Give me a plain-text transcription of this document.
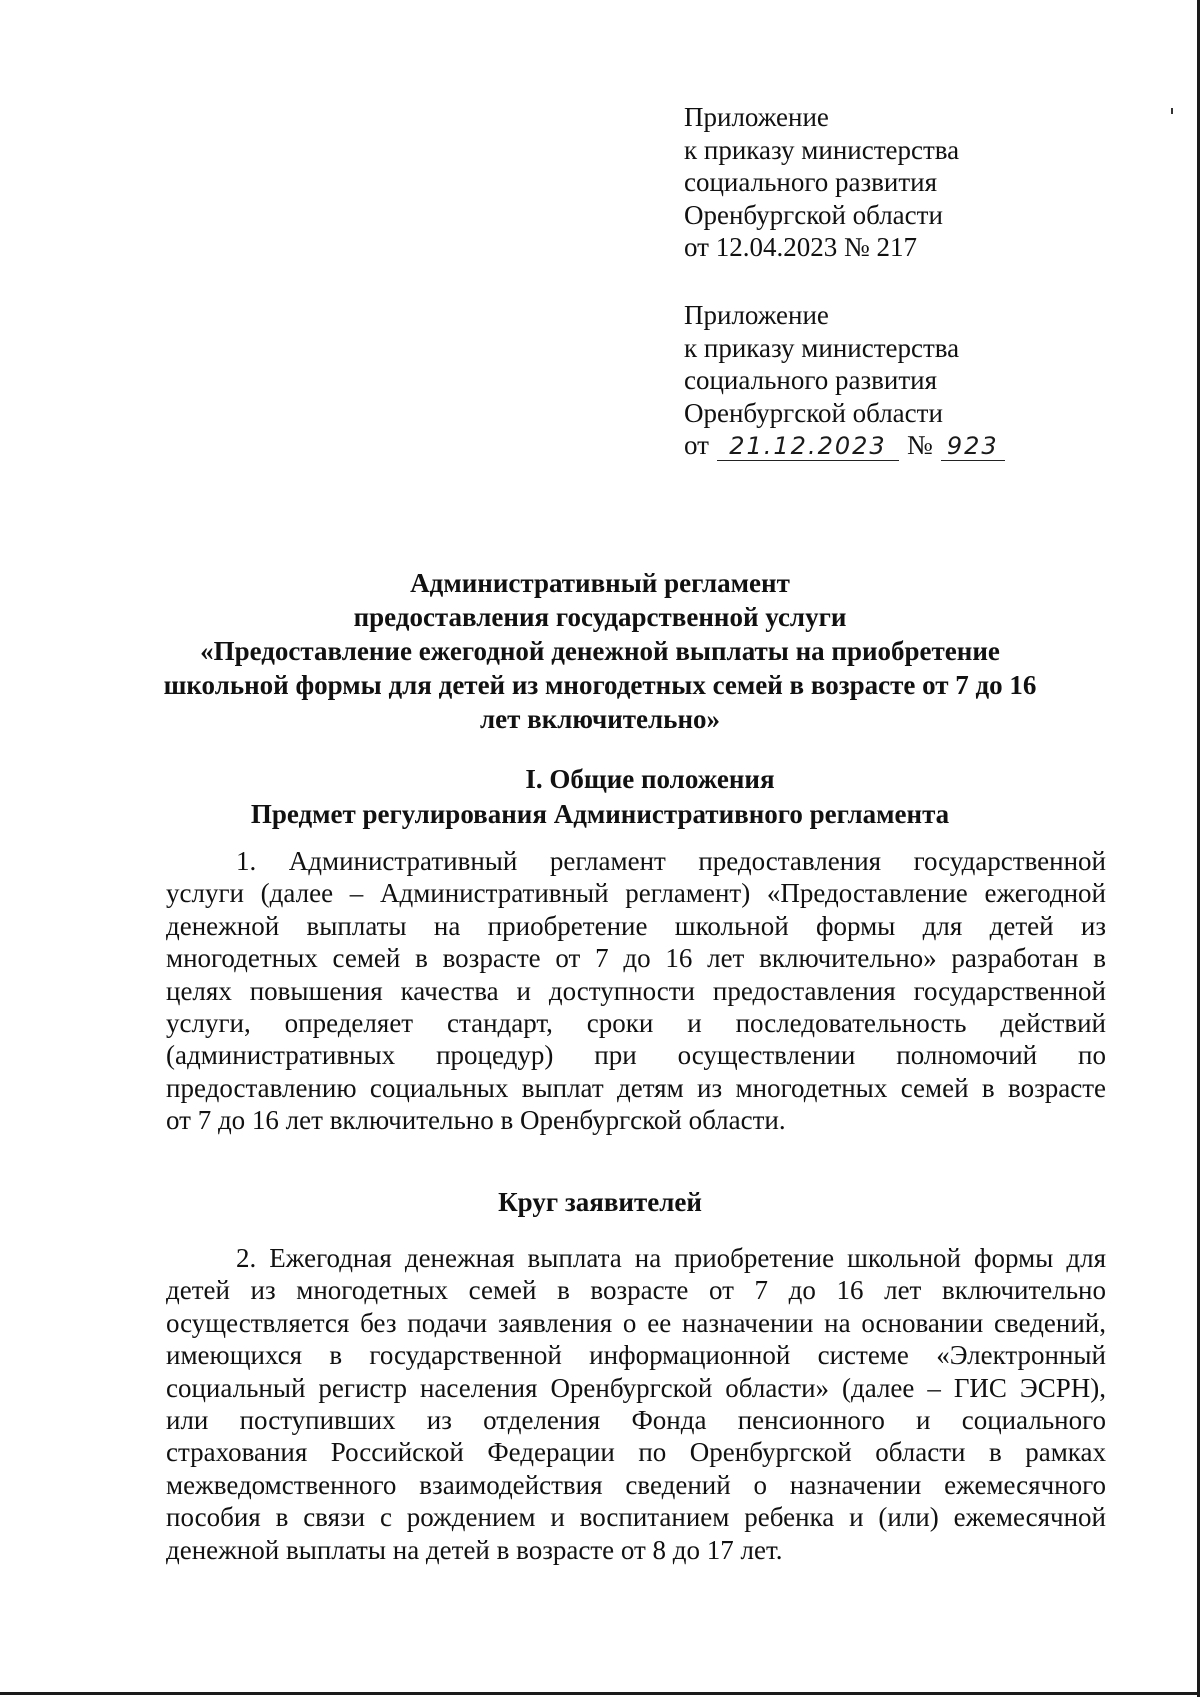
Приложение
к приказу министерства
социального развития
Оренбургской области
от 12.04.2023 № 217
Приложение
к приказу министерства
социального развития
Оренбургской области
от 21.12.2023 № 923
Административный регламент
предоставления государственной услуги
«Предоставление ежегодной денежной выплаты на приобретение
школьной формы для детей из многодетных семей в возрасте от 7 до 16
лет включительно»
I. Общие положения
Предмет регулирования Административного регламента
1. Административный регламент предоставления государственной
услуги (далее – Административный регламент) «Предоставление ежегодной
денежной выплаты на приобретение школьной формы для детей из
многодетных семей в возрасте от 7 до 16 лет включительно» разработан в
целях повышения качества и доступности предоставления государственной
услуги, определяет стандарт, сроки и последовательность действий
(административных процедур) при осуществлении полномочий по
предоставлению социальных выплат детям из многодетных семей в возрасте
от 7 до 16 лет включительно в Оренбургской области.
Круг заявителей
2. Ежегодная денежная выплата на приобретение школьной формы для
детей из многодетных семей в возрасте от 7 до 16 лет включительно
осуществляется без подачи заявления о ее назначении на основании сведений,
имеющихся в государственной информационной системе «Электронный
социальный регистр населения Оренбургской области» (далее – ГИС ЭСРН),
или поступивших из отделения Фонда пенсионного и социального
страхования Российской Федерации по Оренбургской области в рамках
межведомственного взаимодействия сведений о назначении ежемесячного
пособия в связи с рождением и воспитанием ребенка и (или) ежемесячной
денежной выплаты на детей в возрасте от 8 до 17 лет.
